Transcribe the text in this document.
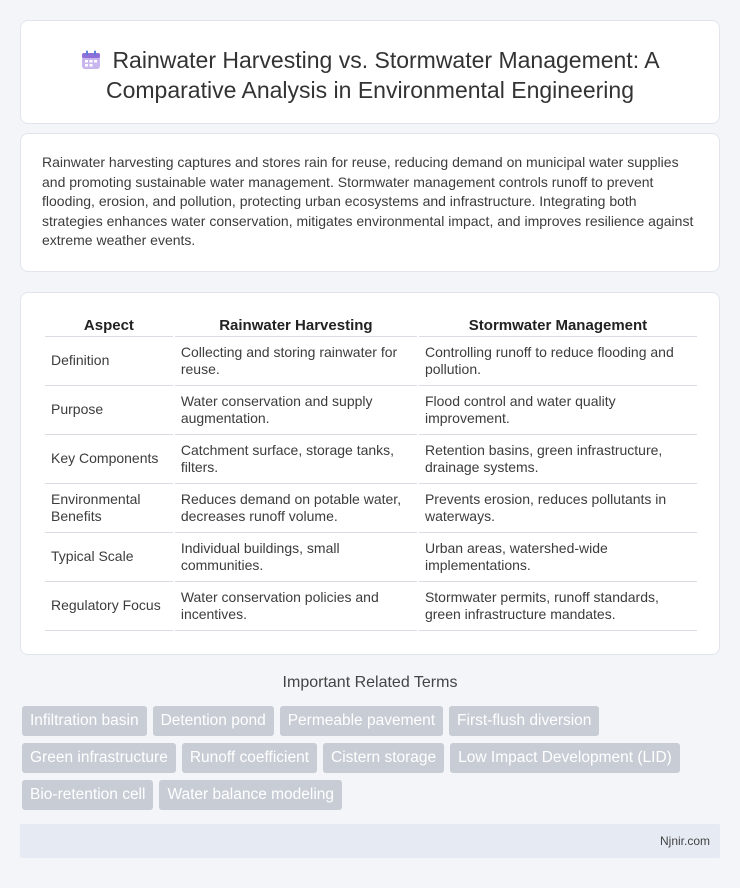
Rainwater Harvesting vs. Stormwater Management: A Comparative Analysis in Environmental Engineering

Rainwater harvesting captures and stores rain for reuse, reducing demand on municipal water supplies and promoting sustainable water management. Stormwater management controls runoff to prevent flooding, erosion, and pollution, protecting urban ecosystems and infrastructure. Integrating both strategies enhances water conservation, mitigates environmental impact, and improves resilience against extreme weather events.

Aspect	Rainwater Harvesting	Stormwater Management
Definition	Collecting and storing rainwater for reuse.	Controlling runoff to reduce flooding and pollution.
Purpose	Water conservation and supply augmentation.	Flood control and water quality improvement.
Key Components	Catchment surface, storage tanks, filters.	Retention basins, green infrastructure, drainage systems.
Environmental Benefits	Reduces demand on potable water, decreases runoff volume.	Prevents erosion, reduces pollutants in waterways.
Typical Scale	Individual buildings, small communities.	Urban areas, watershed-wide implementations.
Regulatory Focus	Water conservation policies and incentives.	Stormwater permits, runoff standards, green infrastructure mandates.
Important Related Terms
Infiltration basin	Detention pond	Permeable pavement	First-flush diversion
Green infrastructure	Runoff coefficient	Cistern storage	Low Impact Development (LID)
Bio-retention cell	Water balance modeling
Njnir.com
